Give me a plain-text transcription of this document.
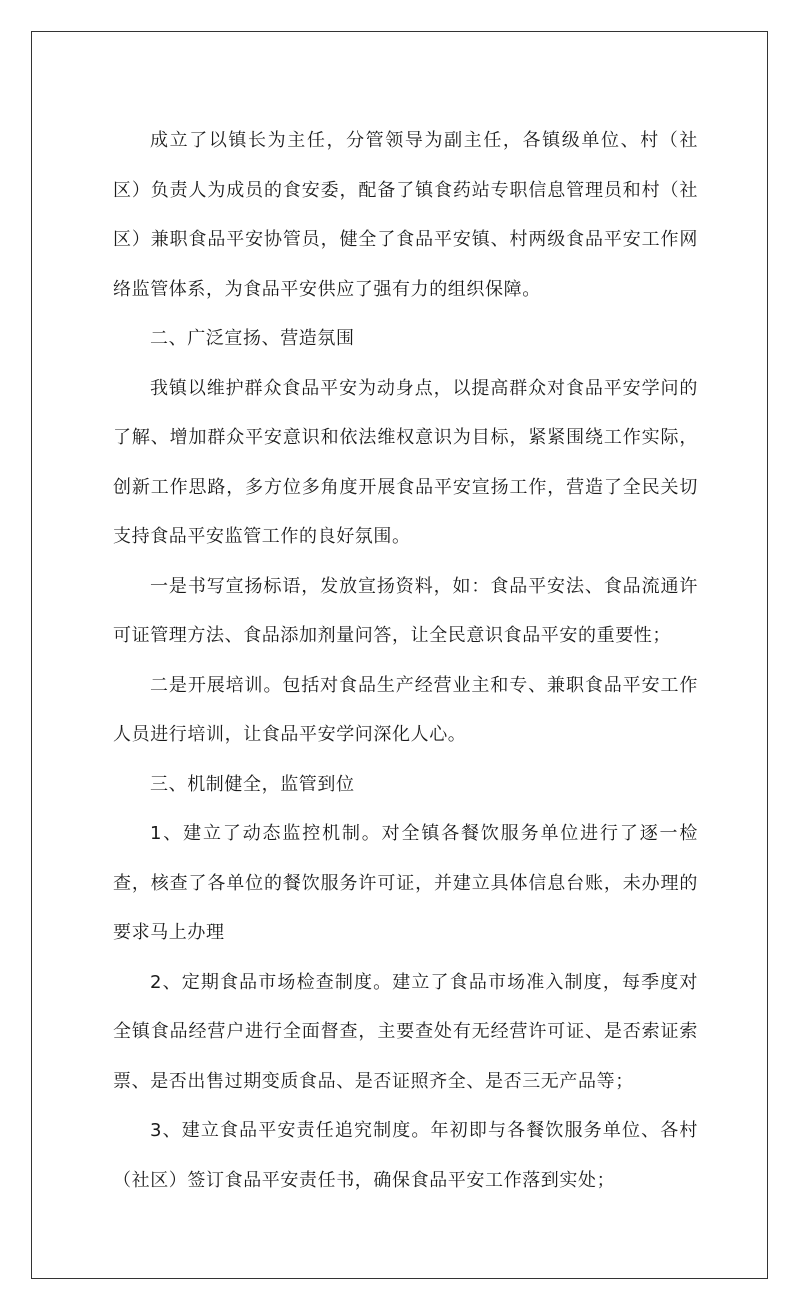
成立了以镇长为主任，分管领导为副主任，各镇级单位、村（社区）负责人为成员的食安委，配备了镇食药站专职信息管理员和村（社区）兼职食品平安协管员，健全了食品平安镇、村两级食品平安工作网络监管体系，为食品平安供应了强有力的组织保障。

二、广泛宣扬、营造氛围

我镇以维护群众食品平安为动身点，以提高群众对食品平安学问的了解、增加群众平安意识和依法维权意识为目标，紧紧围绕工作实际，创新工作思路，多方位多角度开展食品平安宣扬工作，营造了全民关切支持食品平安监管工作的良好氛围。

一是书写宣扬标语，发放宣扬资料，如：食品平安法、食品流通许可证管理方法、食品添加剂量问答，让全民意识食品平安的重要性；

二是开展培训。包括对食品生产经营业主和专、兼职食品平安工作人员进行培训，让食品平安学问深化人心。

三、机制健全，监管到位

1、建立了动态监控机制。对全镇各餐饮服务单位进行了逐一检查，核查了各单位的餐饮服务许可证，并建立具体信息台账，未办理的要求马上办理

2、定期食品市场检查制度。建立了食品市场准入制度，每季度对全镇食品经营户进行全面督查，主要查处有无经营许可证、是否索证索票、是否出售过期变质食品、是否证照齐全、是否三无产品等；

3、建立食品平安责任追究制度。年初即与各餐饮服务单位、各村（社区）签订食品平安责任书，确保食品平安工作落到实处；
